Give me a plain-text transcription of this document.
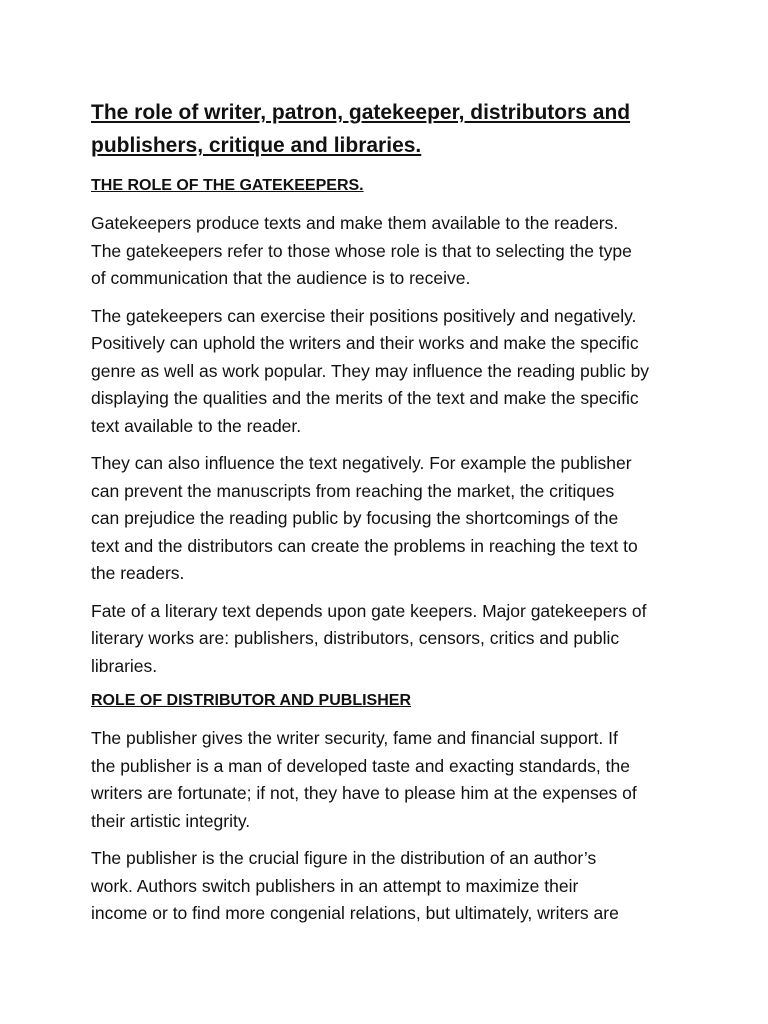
The role of writer, patron, gatekeeper, distributors and
publishers, critique and libraries.
THE ROLE OF THE GATEKEEPERS.

Gatekeepers produce texts and make them available to the readers.
The gatekeepers refer to those whose role is that to selecting the type
of communication that the audience is to receive.

The gatekeepers can exercise their positions positively and negatively.
Positively can uphold the writers and their works and make the specific
genre as well as work popular. They may influence the reading public by
displaying the qualities and the merits of the text and make the specific
text available to the reader.

They can also influence the text negatively. For example the publisher
can prevent the manuscripts from reaching the market, the critiques
can prejudice the reading public by focusing the shortcomings of the
text and the distributors can create the problems in reaching the text to
the readers.

Fate of a literary text depends upon gate keepers. Major gatekeepers of
literary works are: publishers, distributors, censors, critics and public
libraries.

ROLE OF DISTRIBUTOR AND PUBLISHER

The publisher gives the writer security, fame and financial support. If
the publisher is a man of developed taste and exacting standards, the
writers are fortunate; if not, they have to please him at the expenses of
their artistic integrity.

The publisher is the crucial figure in the distribution of an author’s
work. Authors switch publishers in an attempt to maximize their
income or to find more congenial relations, but ultimately, writers are
